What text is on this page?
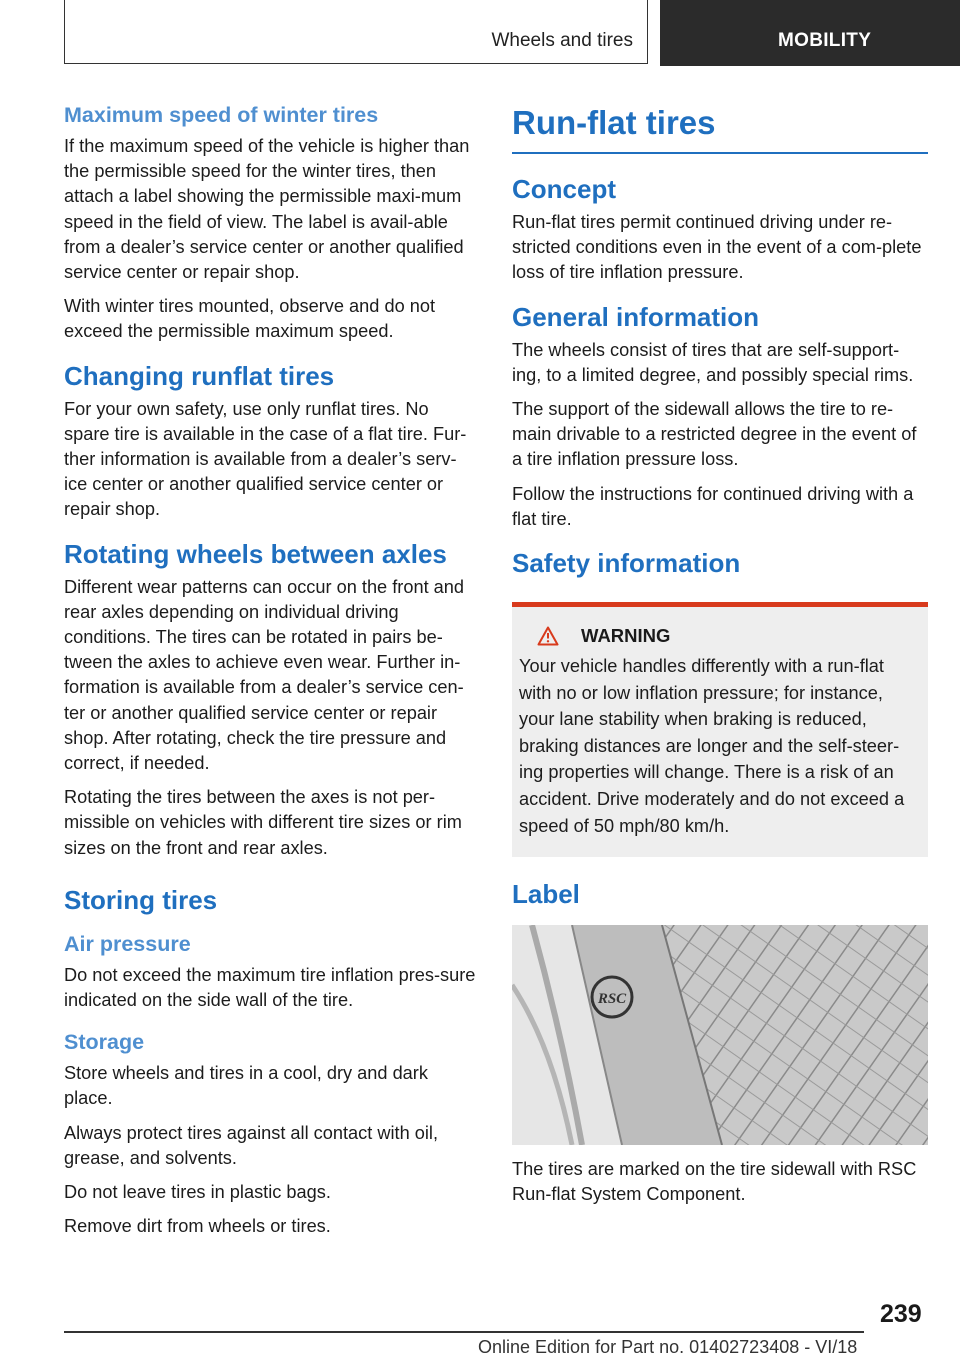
Wheels and tires	MOBILITY
Maximum speed of winter tires

If the maximum speed of the vehicle is higher than the permissible speed for the winter tires, then attach a label showing the permissible maxi-mum speed in the field of view. The label is avail-able from a dealer’s service center or another qualified service center or repair shop.

With winter tires mounted, observe and do not exceed the permissible maximum speed.

Changing runflat tires

For your own safety, use only runflat tires. No spare tire is available in the case of a flat tire. Fur-ther information is available from a dealer’s serv-ice center or another qualified service center or repair shop.

Rotating wheels between axles

Different wear patterns can occur on the front and rear axles depending on individual driving conditions. The tires can be rotated in pairs be-tween the axles to achieve even wear. Further in-formation is available from a dealer’s service cen-ter or another qualified service center or repair shop. After rotating, check the tire pressure and correct, if needed.

Rotating the tires between the axes is not per-missible on vehicles with different tire sizes or rim sizes on the front and rear axles.

Storing tires
Air pressure

Do not exceed the maximum tire inflation pres-sure indicated on the side wall of the tire.

Storage

Store wheels and tires in a cool, dry and dark place.

Always protect tires against all contact with oil, grease, and solvents.

Do not leave tires in plastic bags.

Remove dirt from wheels or tires.

Run-flat tires
Concept

Run-flat tires permit continued driving under re-stricted conditions even in the event of a com-plete loss of tire inflation pressure.

General information

The wheels consist of tires that are self-support-ing, to a limited degree, and possibly special rims.

The support of the sidewall allows the tire to re-main drivable to a restricted degree in the event of a tire inflation pressure loss.

Follow the instructions for continued driving with a flat tire.

Safety information
WARNING

Your vehicle handles differently with a run-flat with no or low inflation pressure; for instance, your lane stability when braking is reduced, braking distances are longer and the self-steer-ing properties will change. There is a risk of an accident. Drive moderately and do not exceed a speed of 50 mph/80 km/h.

Label
RSC

The tires are marked on the tire sidewall with RSC Run-flat System Component.

239
Online Edition for Part no. 01402723408 - VI/18
